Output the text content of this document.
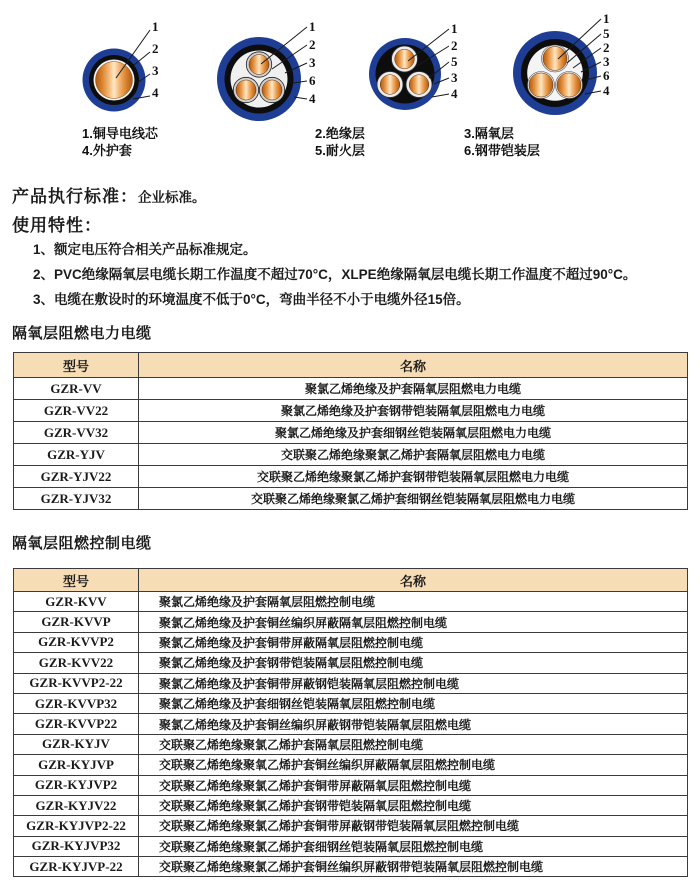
1
2
3
4
1
2
3
6
4
1
2
5
3
4
1
5
2
3
6
4
1.铜导电线芯	2.绝缘层	3.隔氧层
4.外护套	5.耐火层	6.钢带铠装层
产品执行标准：企业标准。
使用特性：
1、额定电压符合相关产品标准规定。
2、PVC绝缘隔氧层电缆长期工作温度不超过70°C，XLPE绝缘隔氧层电缆长期工作温度不超过90°C。
3、电缆在敷设时的环境温度不低于0°C，弯曲半径不小于电缆外径15倍。
隔氧层阻燃电力电缆
型号	名称
GZR-VV	聚氯乙烯绝缘及护套隔氧层阻燃电力电缆
GZR-VV22	聚氯乙烯绝缘及护套钢带铠装隔氧层阻燃电力电缆
GZR-VV32	聚氯乙烯绝缘及护套细钢丝铠装隔氧层阻燃电力电缆
GZR-YJV	交联聚乙烯绝缘聚氯乙烯护套隔氧层阻燃电力电缆
GZR-YJV22	交联聚乙烯绝缘聚氯乙烯护套钢带铠装隔氧层阻燃电力电缆
GZR-YJV32	交联聚乙烯绝缘聚氯乙烯护套细钢丝铠装隔氧层阻燃电力电缆
隔氧层阻燃控制电缆
型号	名称
GZR-KVV	聚氯乙烯绝缘及护套隔氧层阻燃控制电缆
GZR-KVVP	聚氯乙烯绝缘及护套铜丝编织屏蔽隔氧层阻燃控制电缆
GZR-KVVP2	聚氯乙烯绝缘及护套铜带屏蔽隔氧层阻燃控制电缆
GZR-KVV22	聚氯乙烯绝缘及护套钢带铠装隔氧层阻燃控制电缆
GZR-KVVP2-22	聚氯乙烯绝缘及护套铜带屏蔽钢铠装隔氧层阻燃控制电缆
GZR-KVVP32	聚氯乙烯绝缘及护套细钢丝铠装隔氧层阻燃控制电缆
GZR-KVVP22	聚氯乙烯绝缘及护套铜丝编织屏蔽钢带铠装隔氧层阻燃电缆
GZR-KYJV	交联聚乙烯绝缘聚氯乙烯护套隔氧层阻燃控制电缆
GZR-KYJVP	交联聚乙烯绝缘聚氧乙烯护套铜丝编织屏蔽隔氧层阻燃控制电缆
GZR-KYJVP2	交联聚乙烯绝缘聚氯乙烯护套铜带屏蔽隔氧层阻燃控制电缆
GZR-KYJV22	交联聚乙烯绝缘聚氯乙烯护套钢带铠装隔氧层阻燃控制电缆
GZR-KYJVP2-22	交联聚乙烯绝缘聚氯乙烯护套铜带屏蔽钢带铠装隔氧层阻燃控制电缆
GZR-KYJVP32	交联聚乙烯绝缘聚氯乙烯护套细钢丝铠装隔氧层阻燃控制电缆
GZR-KYJVP-22	交联聚乙烯绝缘聚氯乙烯护套铜丝编织屏蔽钢带铠装隔氧层阻燃控制电缆
